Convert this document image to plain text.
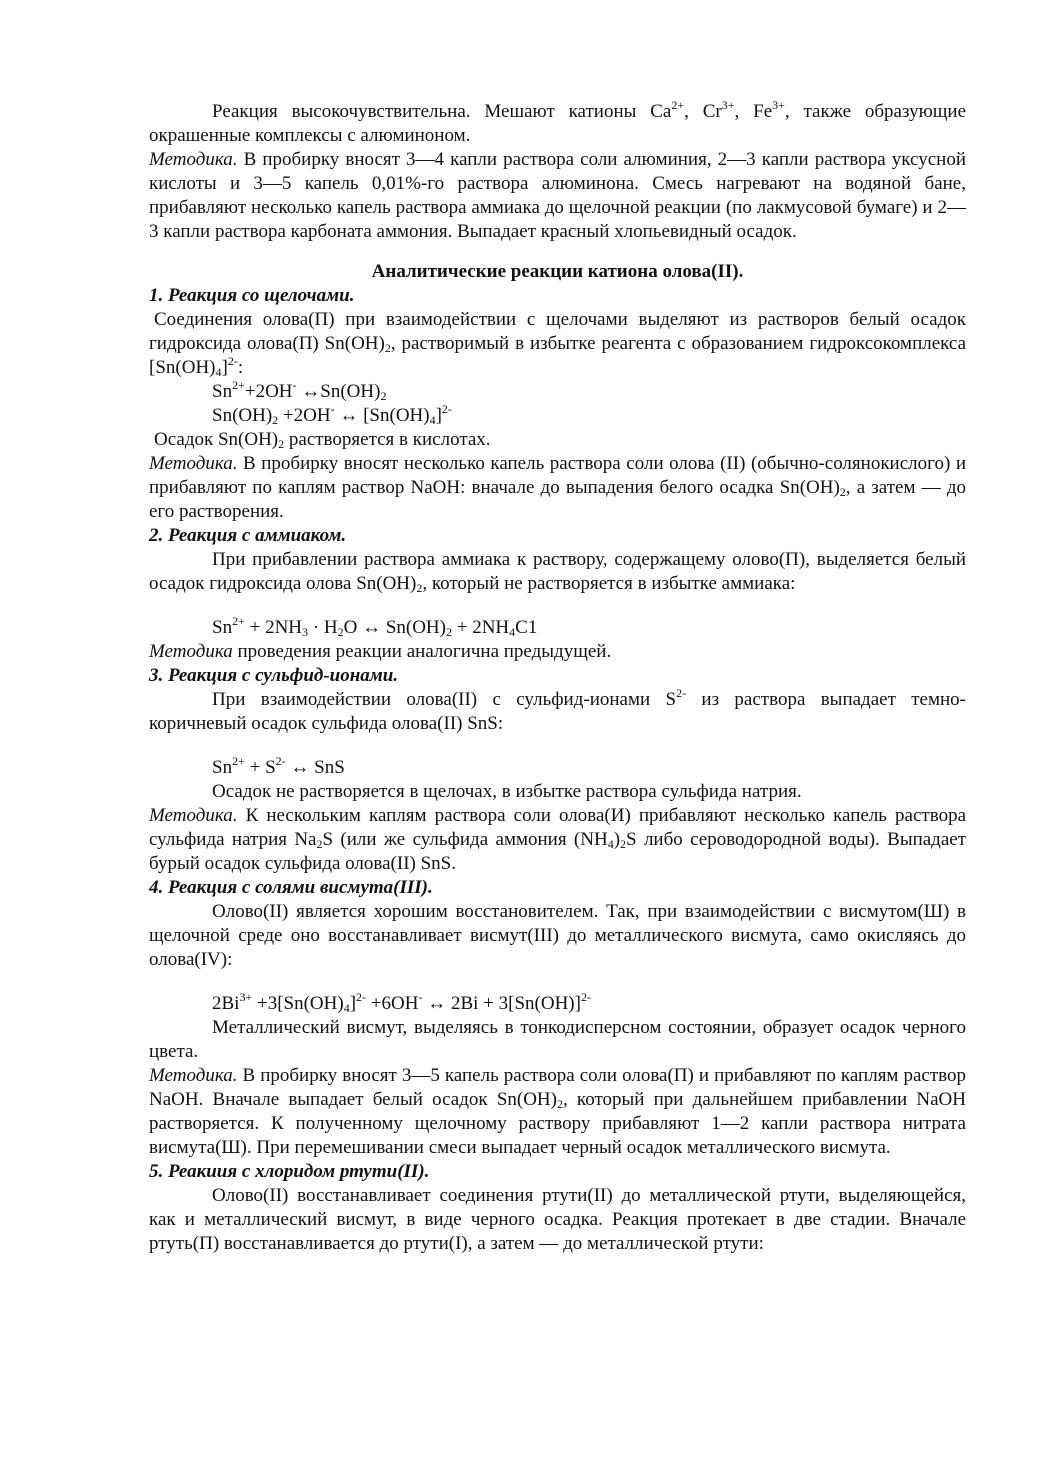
Реакция высокочувствительна. Мешают катионы $Ca^{2+}$, $Cr^{3+}$, $Fe^{3+}$, также образующие окрашенные комплексы с алюминоном.

Методика. В пробирку вносят 3—4 капли раствора соли алюминия, 2—3 капли раствора уксусной кислоты и 3—5 капель 0,01%-го раствора алюминона. Смесь нагревают на водяной бане, прибавляют несколько капель раствора аммиака до щелочной реакции (по лакмусовой бумаге) и 2—3 капли раствора карбоната аммония. Выпадает красный хлопьевидный осадок.

Аналитические реакции катиона олова(II).

1. Реакция со щелочами.

Соединения олова(П) при взаимодействии с щелочами выделяют из растворов белый осадок гидроксида олова(П) $Sn(OH)_2$, растворимый в избытке реагента с образованием гидроксокомплекса $[Sn(OH)_4]^{2-}$:

$Sn^{2+}+2OH^-$ $\leftrightarrow Sn(OH)_2$

$Sn(OH)_2 +2OH^-$ ↔ $[Sn(OH)_4]^{2-}$

Осадок $Sn(OH)_2$ растворяется в кислотах.

Методика. В пробирку вносят несколько капель раствора соли олова (II) (обычно-солянокислого) и прибавляют по каплям раствор NaOH: вначале до выпадения белого осадка $Sn(OH)_2$, а затем — до его растворения.

2. Реакция с аммиаком.

При прибавлении раствора аммиака к раствору, содержащему олово(П), выделяется белый осадок гидроксида олова $Sn(OH)_2$, который не растворяется в избытке аммиака:

$Sn^{2+} + 2NH_3 \cdot H_2O$ ↔ $Sn(OH)_2 + 2NH_4C1$

Методика проведения реакции аналогична предыдущей.

3. Реакция с сульфид-ионами.

При взаимодействии олова(II) с сульфид-ионами $S^{2-}$ из раствора выпадает темно-коричневый осадок сульфида олова(II) SnS:

$Sn^{2+} + S^{2-}$ ↔ SnS

Осадок не растворяется в щелочах, в избытке раствора сульфида натрия.

Методика. К нескольким каплям раствора соли олова(И) прибавляют несколько капель раствора сульфида натрия $Na_2S$ (или же сульфида аммония $(NH_4)_2S$ либо сероводородной воды). Выпадает бурый осадок сульфида олова(II) SnS.

4. Реакция с солями висмута(III).

Олово(II) является хорошим восстановителем. Так, при взаимодействии с висмутом(Ш) в щелочной среде оно восстанавливает висмут(III) до металлического висмута, само окисляясь до олова(IV):

$2Bi^{3+} +3[Sn(OH)_4]^{2-} +6OH^-$ ↔ $2Bi + 3[Sn(OH)]^{2-}$

Металлический висмут, выделяясь в тонкодисперсном состоянии, образует осадок черного цвета.

Методика. В пробирку вносят 3—5 капель раствора соли олова(П) и прибавляют по каплям раствор NaOH. Вначале выпадает белый осадок $Sn(OH)_2$, который при дальнейшем прибавлении NaOH растворяется. К полученному щелочному раствору прибавляют 1—2 капли раствора нитрата висмута(Ш). При перемешивании смеси выпадает черный осадок металлического висмута.

5. Реакиия с хлоридом ртути(II).

Олово(II) восстанавливает соединения ртути(II) до металлической ртути, выделяющейся, как и металлический висмут, в виде черного осадка. Реакция протекает в две стадии. Вначале ртуть(П) восстанавливается до ртути(I), а затем — до металлической ртути:
